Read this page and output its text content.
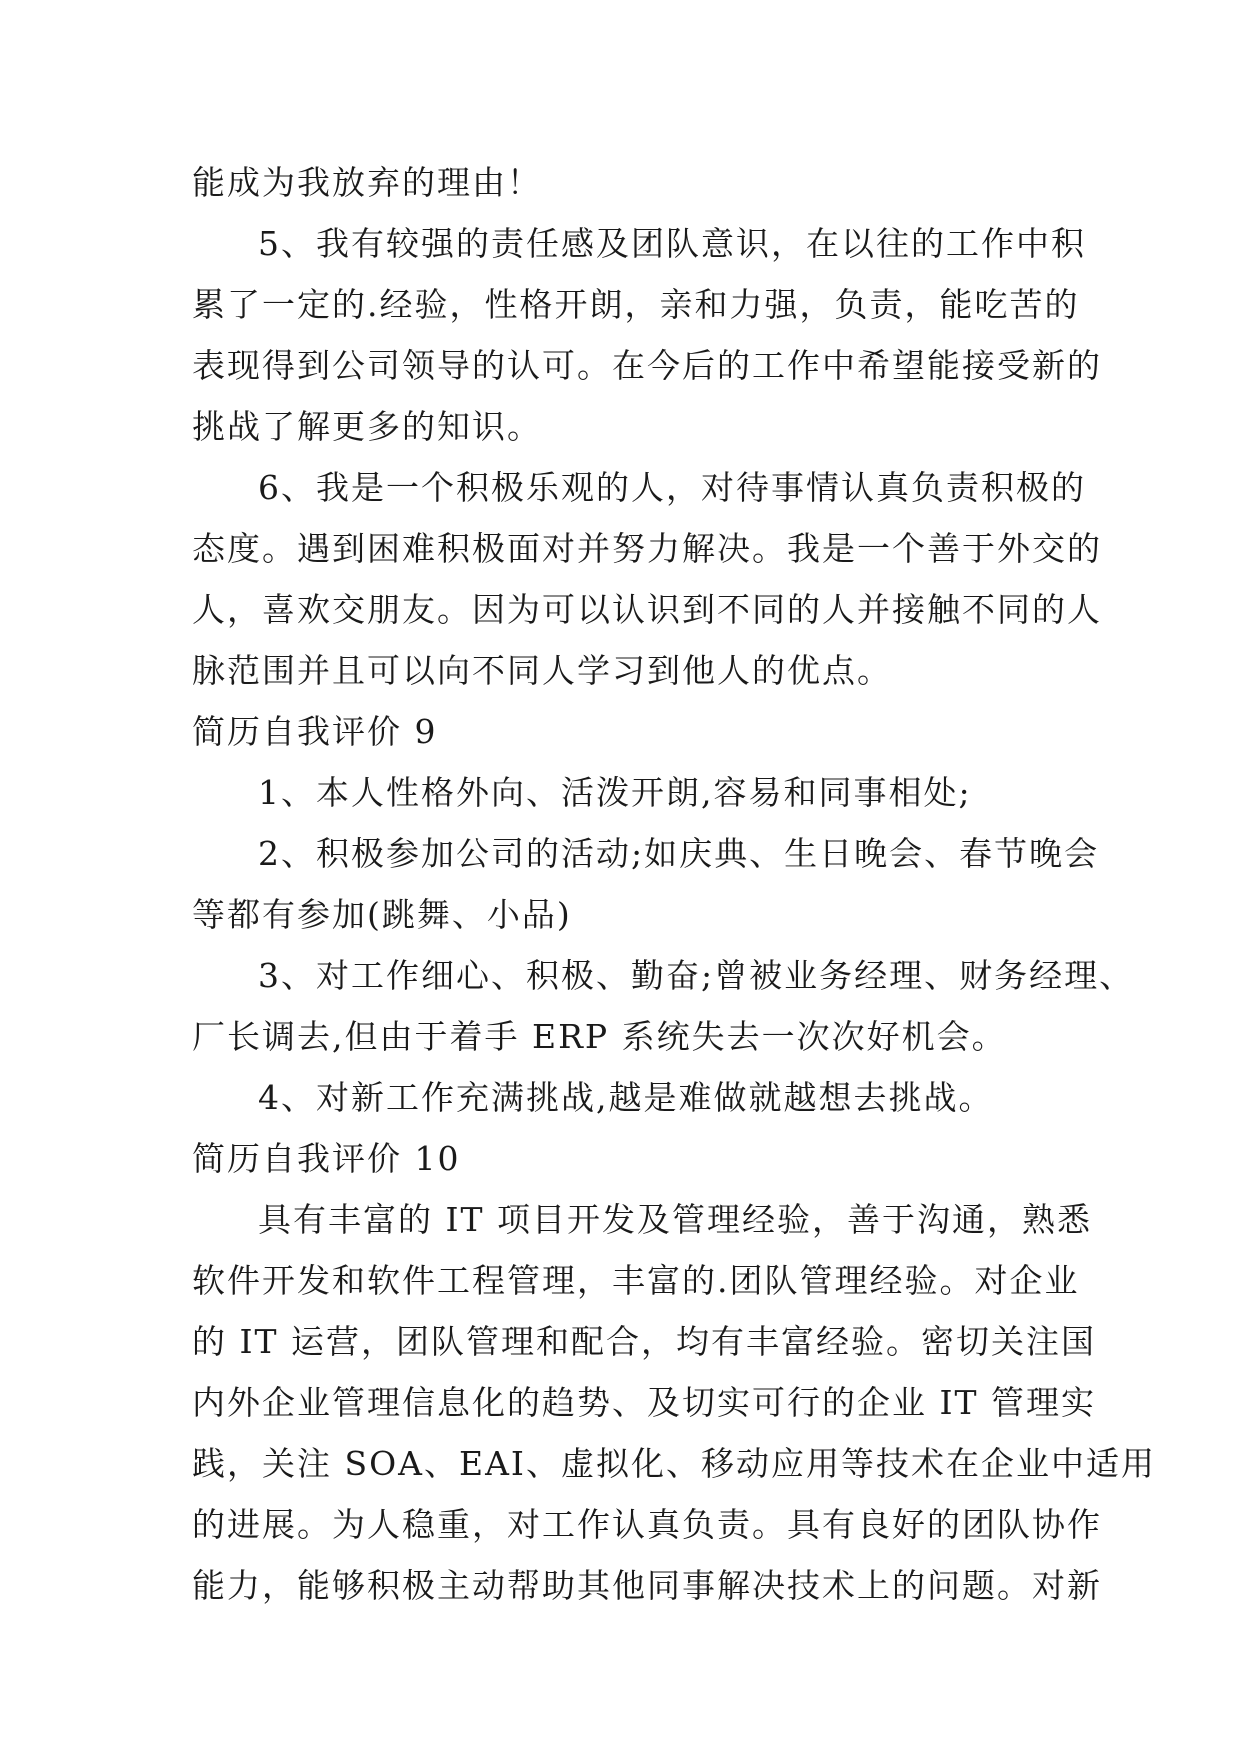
能成为我放弃的理由！
5、我有较强的责任感及团队意识，在以往的工作中积
累了一定的.经验，性格开朗，亲和力强，负责，能吃苦的
表现得到公司领导的认可。在今后的工作中希望能接受新的
挑战了解更多的知识。
6、我是一个积极乐观的人，对待事情认真负责积极的
态度。遇到困难积极面对并努力解决。我是一个善于外交的
人，喜欢交朋友。因为可以认识到不同的人并接触不同的人
脉范围并且可以向不同人学习到他人的优点。
简历自我评价 9
1、本人性格外向、活泼开朗,容易和同事相处;
2、积极参加公司的活动;如庆典、生日晚会、春节晚会
等都有参加(跳舞、小品)
3、对工作细心、积极、勤奋;曾被业务经理、财务经理、
厂长调去,但由于着手 ERP 系统失去一次次好机会。
4、对新工作充满挑战,越是难做就越想去挑战。
简历自我评价 10
具有丰富的 IT 项目开发及管理经验，善于沟通，熟悉
软件开发和软件工程管理，丰富的.团队管理经验。对企业
的 IT 运营，团队管理和配合，均有丰富经验。密切关注国
内外企业管理信息化的趋势、及切实可行的企业 IT 管理实
践，关注 SOA、EAI、虚拟化、移动应用等技术在企业中适用
的进展。为人稳重，对工作认真负责。具有良好的团队协作
能力，能够积极主动帮助其他同事解决技术上的问题。对新
